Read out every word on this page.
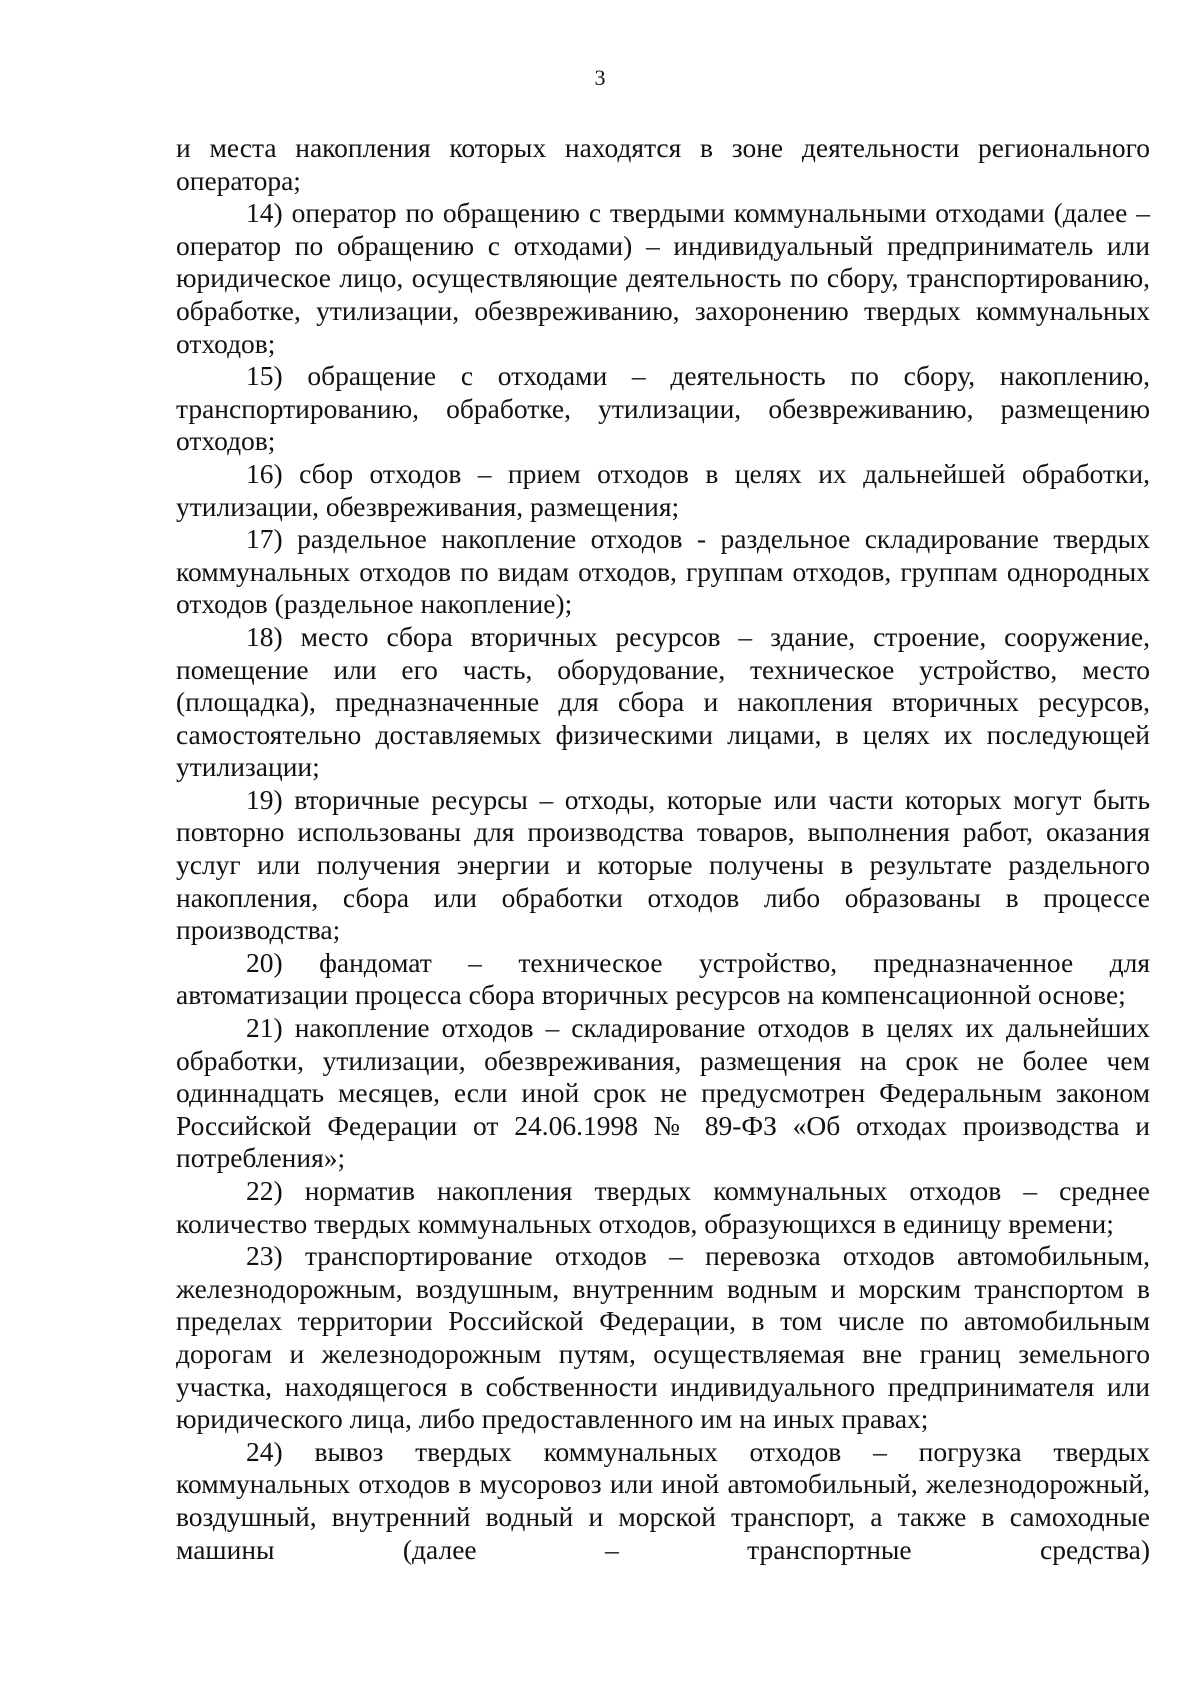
3

и места накопления которых находятся в зоне деятельности регионального оператора;

14) оператор по обращению с твердыми коммунальными отходами (далее – оператор по обращению с отходами) – индивидуальный предприниматель или юридическое лицо, осуществляющие деятельность по сбору, транспортированию, обработке, утилизации, обезвреживанию, захоронению твердых коммунальных отходов;

15) обращение с отходами – деятельность по сбору, накоплению, транспортированию, обработке, утилизации, обезвреживанию, размещению отходов;

16) сбор отходов – прием отходов в целях их дальнейшей обработки, утилизации, обезвреживания, размещения;

17) раздельное накопление отходов - раздельное складирование твердых коммунальных отходов по видам отходов, группам отходов, группам однородных отходов (раздельное накопление);

18) место сбора вторичных ресурсов – здание, строение, сооружение, помещение или его часть, оборудование, техническое устройство, место (площадка), предназначенные для сбора и накопления вторичных ресурсов, самостоятельно доставляемых физическими лицами, в целях их последующей утилизации;

19) вторичные ресурсы – отходы, которые или части которых могут быть повторно использованы для производства товаров, выполнения работ, оказания услуг или получения энергии и которые получены в результате раздельного накопления, сбора или обработки отходов либо образованы в процессе производства;

20) фандомат – техническое устройство, предназначенное для автоматизации процесса сбора вторичных ресурсов на компенсационной основе;

21) накопление отходов – складирование отходов в целях их дальнейших обработки, утилизации, обезвреживания, размещения на срок не более чем одиннадцать месяцев, если иной срок не предусмотрен Федеральным законом Российской Федерации от 24.06.1998 № 89-ФЗ «Об отходах производства и потребления»;

22) норматив накопления твердых коммунальных отходов – среднее количество твердых коммунальных отходов, образующихся в единицу времени;

23) транспортирование отходов – перевозка отходов автомобильным, железнодорожным, воздушным, внутренним водным и морским транспортом в пределах территории Российской Федерации, в том числе по автомобильным дорогам и железнодорожным путям, осуществляемая вне границ земельного участка, находящегося в собственности индивидуального предпринимателя или юридического лица, либо предоставленного им на иных правах;

24) вывоз твердых коммунальных отходов – погрузка твердых коммунальных отходов в мусоровоз или иной автомобильный, железнодорожный, воздушный, внутренний водный и морской транспорт, а также в самоходные машины (далее – транспортные средства)
